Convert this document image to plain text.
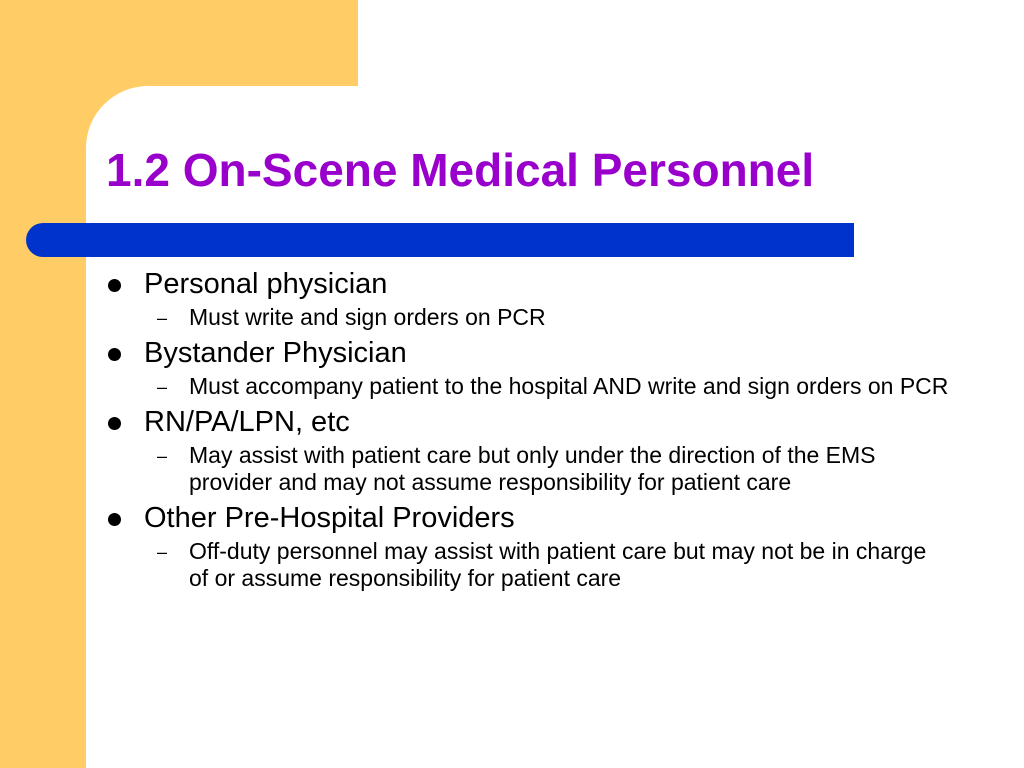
1.2 On-Scene Medical Personnel
Personal physician
– Must write and sign orders on PCR
Bystander Physician
– Must accompany patient to the hospital AND write and sign orders on PCR
RN/PA/LPN, etc
– May assist with patient care but only under the direction of the EMS provider and may not assume responsibility for patient care
Other Pre-Hospital Providers
– Off-duty personnel may assist with patient care but may not be in charge of or assume responsibility for patient care
